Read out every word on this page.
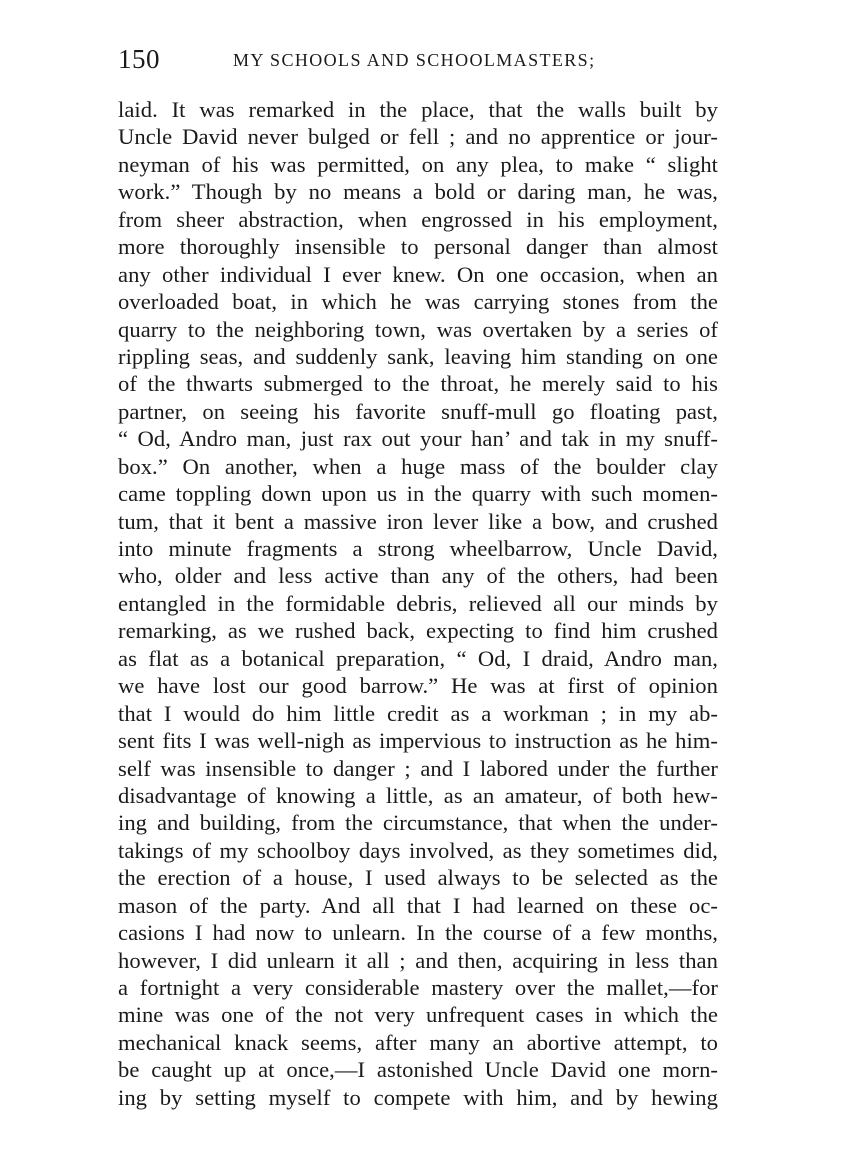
150	MY SCHOOLS AND SCHOOLMASTERS;
laid. It was remarked in the place, that the walls built by
Uncle David never bulged or fell ; and no apprentice or jour-
neyman of his was permitted, on any plea, to make “ slight
work.” Though by no means a bold or daring man, he was,
from sheer abstraction, when engrossed in his employment,
more thoroughly insensible to personal danger than almost
any other individual I ever knew. On one occasion, when an
overloaded boat, in which he was carrying stones from the
quarry to the neighboring town, was overtaken by a series of
rippling seas, and suddenly sank, leaving him standing on one
of the thwarts submerged to the throat, he merely said to his
partner, on seeing his favorite snuff-mull go floating past,
“ Od, Andro man, just rax out your han’ and tak in my snuff-
box.” On another, when a huge mass of the boulder clay
came toppling down upon us in the quarry with such momen-
tum, that it bent a massive iron lever like a bow, and crushed
into minute fragments a strong wheelbarrow, Uncle David,
who, older and less active than any of the others, had been
entangled in the formidable debris, relieved all our minds by
remarking, as we rushed back, expecting to find him crushed
as flat as a botanical preparation, “ Od, I draid, Andro man,
we have lost our good barrow.” He was at first of opinion
that I would do him little credit as a workman ; in my ab-
sent fits I was well-nigh as impervious to instruction as he him-
self was insensible to danger ; and I labored under the further
disadvantage of knowing a little, as an amateur, of both hew-
ing and building, from the circumstance, that when the under-
takings of my schoolboy days involved, as they sometimes did,
the erection of a house, I used always to be selected as the
mason of the party. And all that I had learned on these oc-
casions I had now to unlearn. In the course of a few months,
however, I did unlearn it all ; and then, acquiring in less than
a fortnight a very considerable mastery over the mallet,—for
mine was one of the not very unfrequent cases in which the
mechanical knack seems, after many an abortive attempt, to
be caught up at once,—I astonished Uncle David one morn-
ing by setting myself to compete with him, and by hewing
